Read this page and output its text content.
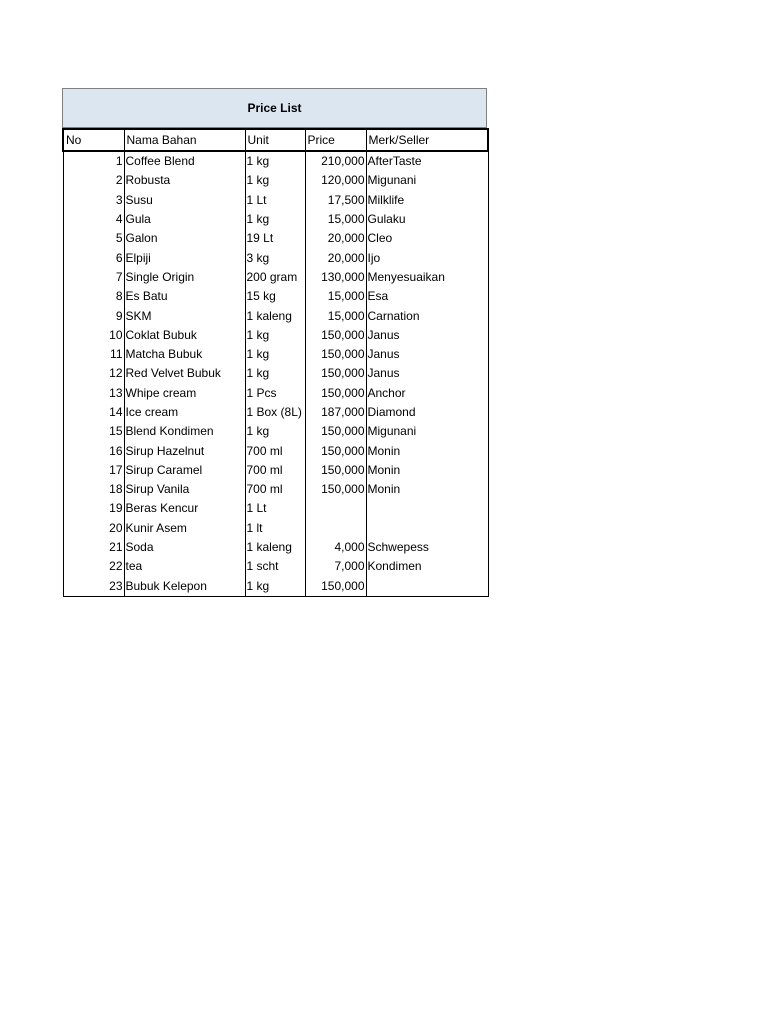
Price List
No	Nama Bahan	Unit	Price	Merk/Seller
1	Coffee Blend	1 kg	210,000	AfterTaste
2	Robusta	1 kg	120,000	Migunani
3	Susu	1 Lt	17,500	Milklife
4	Gula	1 kg	15,000	Gulaku
5	Galon	19 Lt	20,000	Cleo
6	Elpiji	3 kg	20,000	Ijo
7	Single Origin	200 gram	130,000	Menyesuaikan
8	Es Batu	15 kg	15,000	Esa
9	SKM	1 kaleng	15,000	Carnation
10	Coklat Bubuk	1 kg	150,000	Janus
11	Matcha Bubuk	1 kg	150,000	Janus
12	Red Velvet Bubuk	1 kg	150,000	Janus
13	Whipe cream	1 Pcs	150,000	Anchor
14	Ice cream	1 Box (8L)	187,000	Diamond
15	Blend Kondimen	1 kg	150,000	Migunani
16	Sirup Hazelnut	700 ml	150,000	Monin
17	Sirup Caramel	700 ml	150,000	Monin
18	Sirup Vanila	700 ml	150,000	Monin
19	Beras Kencur	1 Lt		
20	Kunir Asem	1 lt		
21	Soda	1 kaleng	4,000	Schwepess
22	tea	1 scht	7,000	Kondimen
23	Bubuk Kelepon	1 kg	150,000	
